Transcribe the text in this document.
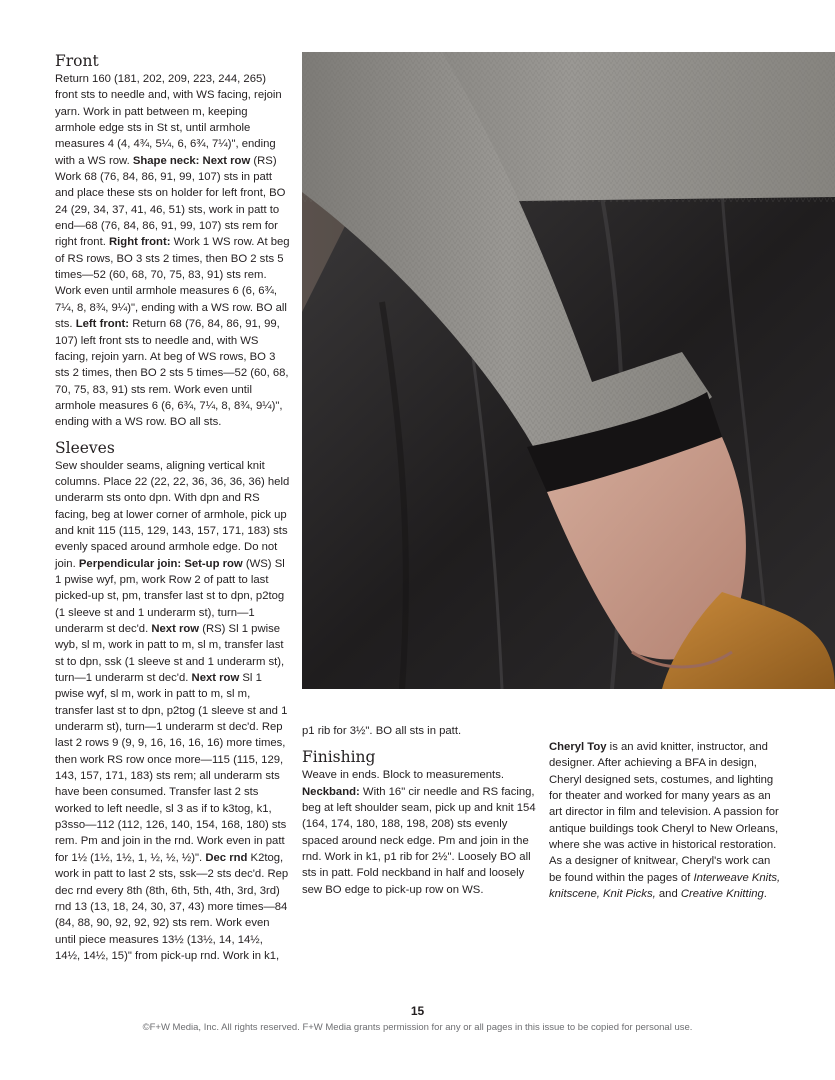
Front

Return 160 (181, 202, 209, 223, 244, 265) front sts to needle and, with WS facing, rejoin yarn. Work in patt between m, keeping armhole edge sts in St st, until armhole measures 4 (4, 4¾, 5¼, 6, 6¾, 7¼)", ending with a WS row. Shape neck: Next row (RS) Work 68 (76, 84, 86, 91, 99, 107) sts in patt and place these sts on holder for left front, BO 24 (29, 34, 37, 41, 46, 51) sts, work in patt to end—68 (76, 84, 86, 91, 99, 107) sts rem for right front. Right front: Work 1 WS row. At beg of RS rows, BO 3 sts 2 times, then BO 2 sts 5 times—52 (60, 68, 70, 75, 83, 91) sts rem. Work even until armhole measures 6 (6, 6¾, 7¼, 8, 8¾, 9¼)", ending with a WS row. BO all sts. Left front: Return 68 (76, 84, 86, 91, 99, 107) left front sts to needle and, with WS facing, rejoin yarn. At beg of WS rows, BO 3 sts 2 times, then BO 2 sts 5 times—52 (60, 68, 70, 75, 83, 91) sts rem. Work even until armhole measures 6 (6, 6¾, 7¼, 8, 8¾, 9¼)", ending with a WS row. BO all sts.

Sleeves

Sew shoulder seams, aligning vertical knit columns. Place 22 (22, 22, 36, 36, 36, 36) held underarm sts onto dpn. With dpn and RS facing, beg at lower corner of armhole, pick up and knit 115 (115, 129, 143, 157, 171, 183) sts evenly spaced around armhole edge. Do not join. Perpendicular join: Set-up row (WS) Sl 1 pwise wyf, pm, work Row 2 of patt to last picked-up st, pm, transfer last st to dpn, p2tog (1 sleeve st and 1 underarm st), turn—1 underarm st dec'd. Next row (RS) Sl 1 pwise wyb, sl m, work in patt to m, sl m, transfer last st to dpn, ssk (1 sleeve st and 1 underarm st), turn—1 underarm st dec'd. Next row Sl 1 pwise wyf, sl m, work in patt to m, sl m, transfer last st to dpn, p2tog (1 sleeve st and 1 underarm st), turn—1 underarm st dec'd. Rep last 2 rows 9 (9, 9, 16, 16, 16, 16) more times, then work RS row once more—115 (115, 129, 143, 157, 171, 183) sts rem; all underarm sts have been consumed. Transfer last 2 sts worked to left needle, sl 3 as if to k3tog, k1, p3sso—112 (112, 126, 140, 154, 168, 180) sts rem. Pm and join in the rnd. Work even in patt for 1½ (1½, 1½, 1, ½, ½, ½)". Dec rnd K2tog, work in patt to last 2 sts, ssk—2 sts dec'd. Rep dec rnd every 8th (8th, 6th, 5th, 4th, 3rd, 3rd) rnd 13 (13, 18, 24, 30, 37, 43) more times—84 (84, 88, 90, 92, 92, 92) sts rem. Work even until piece measures 13½ (13½, 14, 14½, 14½, 14½, 15)" from pick-up rnd. Work in k1,

p1 rib for 3½". BO all sts in patt.

Finishing

Weave in ends. Block to measurements. Neckband: With 16" cir needle and RS facing, beg at left shoulder seam, pick up and knit 154 (164, 174, 180, 188, 198, 208) sts evenly spaced around neck edge. Pm and join in the rnd. Work in k1, p1 rib for 2½". Loosely BO all sts in patt. Fold neckband in half and loosely sew BO edge to pick-up row on WS.

Cheryl Toy is an avid knitter, instructor, and designer. After achieving a BFA in design, Cheryl designed sets, costumes, and lighting for theater and worked for many years as an art director in film and television. A passion for antique buildings took Cheryl to New Orleans, where she was active in historical restoration. As a designer of knitwear, Cheryl's work can be found within the pages of Interweave Knits, knitscene, Knit Picks, and Creative Knitting.

15
©F+W Media, Inc. All rights reserved. F+W Media grants permission for any or all pages in this issue to be copied for personal use.
